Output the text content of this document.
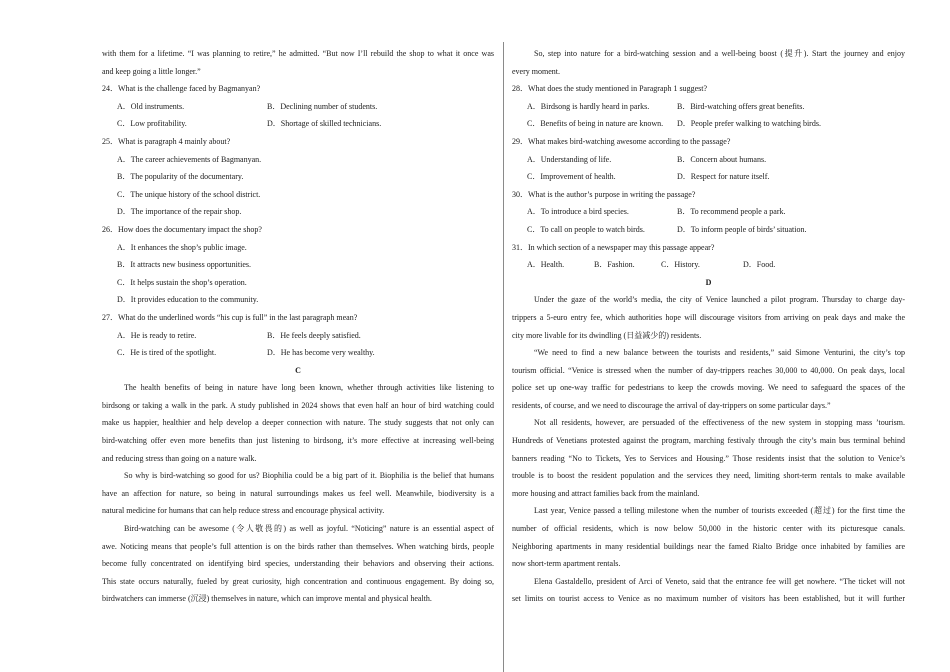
with them for a lifetime. “I was planning to retire,” he admitted. “But now I’ll rebuild the shop to what it once was
and keep going a little longer.”
24．What is the challenge faced by Bagmanyan?
A．Old instruments.	B．Declining number of students.
C．Low profitability.	D．Shortage of skilled technicians.
25．What is paragraph 4 mainly about?
A．The career achievements of Bagmanyan.
B．The popularity of the documentary.
C．The unique history of the school district.
D．The importance of the repair shop.
26．How does the documentary impact the shop?
A．It enhances the shop’s public image.
B．It attracts new business opportunities.
C．It helps sustain the shop’s operation.
D．It provides education to the community.
27．What do the underlined words “his cup is full” in the last paragraph mean?
A．He is ready to retire.	B．He feels deeply satisfied.
C．He is tired of the spotlight.	D．He has become very wealthy.
C
The health benefits of being in nature have long been known, whether through activities like listening to
birdsong or taking a walk in the park. A study published in 2024 shows that even half an hour of bird watching could
make us happier, healthier and help develop a deeper connection with nature. The study suggests that not only can
bird-watching offer even more benefits than just listening to birdsong, it’s more effective at increasing well-being
and reducing stress than going on a nature walk.
So why is bird-watching so good for us? Biophilia could be a big part of it. Biophilia is the belief that humans
have an affection for nature, so being in natural surroundings makes us feel well. Meanwhile, biodiversity is a
natural medicine for humans that can help reduce stress and encourage physical activity.
Bird-watching can be awesome (令人敬畏的) as well as joyful. “Noticing” nature is an essential aspect of
awe. Noticing means that people’s full attention is on the birds rather than themselves. When watching birds, people
become fully concentrated on identifying bird species, understanding their behaviors and observing their actions.
This state occurs naturally, fueled by great curiosity, high concentration and continuous engagement. By doing so,
birdwatchers can immerse (沉浸) themselves in nature, which can improve mental and physical health.
So, step into nature for a bird-watching session and a well-being boost (提升). Start the journey and enjoy
every moment.
28．What does the study mentioned in Paragraph 1 suggest?
A．Birdsong is hardly heard in parks.	B．Bird-watching offers great benefits.
C．Benefits of being in nature are known.	D．People prefer walking to watching birds.
29．What makes bird-watching awesome according to the passage?
A．Understanding of life.	B．Concern about humans.
C．Improvement of health.	D．Respect for nature itself.
30．What is the author’s purpose in writing the passage?
A．To introduce a bird species.	B．To recommend people a park.
C．To call on people to watch birds.	D．To inform people of birds’ situation.
31．In which section of a newspaper may this passage appear?
A．Health.	B．Fashion.	C．History.	D．Food.
D
Under the gaze of the world’s media, the city of Venice launched a pilot program. Thursday to charge day-
trippers a 5-euro entry fee, which authorities hope will discourage visitors from arriving on peak days and make the
city more livable for its dwindling (日益减少的) residents.
“We need to find a new balance between the tourists and residents,” said Simone Venturini, the city’s top
tourism official. “Venice is stressed when the number of day-trippers reaches 30,000 to 40,000. On peak days, local
police set up one-way traffic for pedestrians to keep the crowds moving. We need to safeguard the spaces of the
residents, of course, and we need to discourage the arrival of day-trippers on some particular days.”
Not all residents, however, are persuaded of the effectiveness of the new system in stopping mass ’tourism.
Hundreds of Venetians protested against the program, marching festivaly through the city’s main bus terminal behind
banners reading “No to Tickets, Yes to Services and Housing.” Those residents insist that the solution to Venice’s
trouble is to boost the resident population and the services they need, limiting short-term rentals to make available
more housing and attract families back from the mainland.
Last year, Venice passed a telling milestone when the number of tourists exceeded (超过) for the first time the
number of official residents, which is now below 50,000 in the historic center with its picturesque canals.
Neighboring apartments in many residential buildings near the famed Rialto Bridge once inhabited by families are
now short-term apartment rentals.
Elena Gastaldello, president of Arci of Veneto, said that the entrance fee will get nowhere. “The ticket will not
set limits on tourist access to Venice as no maximum number of visitors has been established, but it will further
